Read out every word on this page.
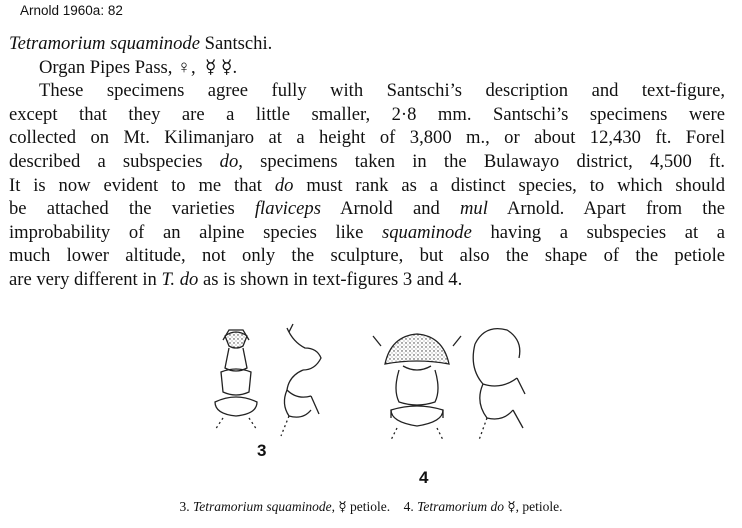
Arnold 1960a: 82
Tetramorium squaminode Santschi.
Organ Pipes Pass, ♀, ☿ ☿.
These specimens agree fully with Santschi’s description and text-figure,
except that they are a little smaller, 2·8 mm. Santschi’s specimens were
collected on Mt. Kilimanjaro at a height of 3,800 m., or about 12,430 ft. Forel
described a subspecies do, specimens taken in the Bulawayo district, 4,500 ft.
It is now evident to me that do must rank as a distinct species, to which should
be attached the varieties flaviceps Arnold and mul Arnold. Apart from the
improbability of an alpine species like squaminode having a subspecies at a
much lower altitude, not only the sculpture, but also the shape of the petiole
are very different in T. do as is shown in text-figures 3 and 4.
3
4
3. Tetramorium squaminode, ☿ petiole. 4. Tetramorium do ☿, petiole.
